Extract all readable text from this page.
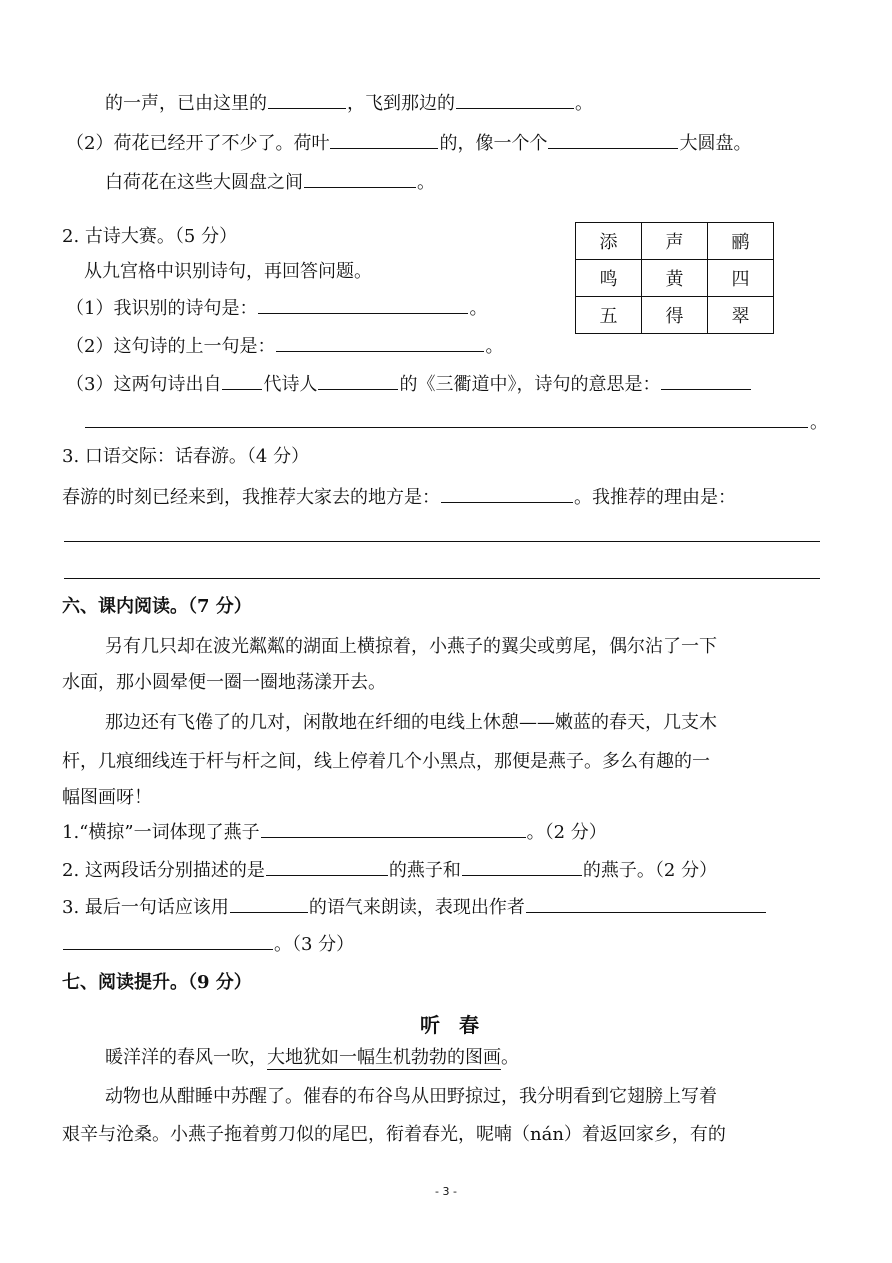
的一声，已由这里的	，飞到那边的	。
（2）荷花已经开了不少了。荷叶	的，像一个个	大圆盘。
白荷花在这些大圆盘之间	。
2. 古诗大赛。（5 分）
从九宫格中识别诗句，再回答问题。
（1）我识别的诗句是：	。
（2）这句诗的上一句是：	。
（3）这两句诗出自 代诗人	的《三衢道中》，诗句的意思是：
。
添	声	鹂
鸣	黄	四
五	得	翠
3. 口语交际：话春游。（4 分）
春游的时刻已经来到，我推荐大家去的地方是：	。我推荐的理由是：
六、课内阅读。（7 分）
另有几只却在波光粼粼的湖面上横掠着，小燕子的翼尖或剪尾，偶尔沾了一下
水面，那小圆晕便一圈一圈地荡漾开去。
那边还有飞倦了的几对，闲散地在纤细的电线上休憩——嫩蓝的春天，几支木
杆，几痕细线连于杆与杆之间，线上停着几个小黑点，那便是燕子。多么有趣的一
幅图画呀！
1.“横掠”一词体现了燕子	。（2 分）
2. 这两段话分别描述的是	的燕子和	的燕子。（2 分）
3. 最后一句话应该用	的语气来朗读，表现出作者
。（3 分）
七、阅读提升。（9 分）
听 春
暖洋洋的春风一吹，大地犹如一幅生机勃勃的图画。
动物也从酣睡中苏醒了。催春的布谷鸟从田野掠过，我分明看到它翅膀上写着
艰辛与沧桑。小燕子拖着剪刀似的尾巴，衔着春光，呢喃（nán）着返回家乡，有的
- 3 -
